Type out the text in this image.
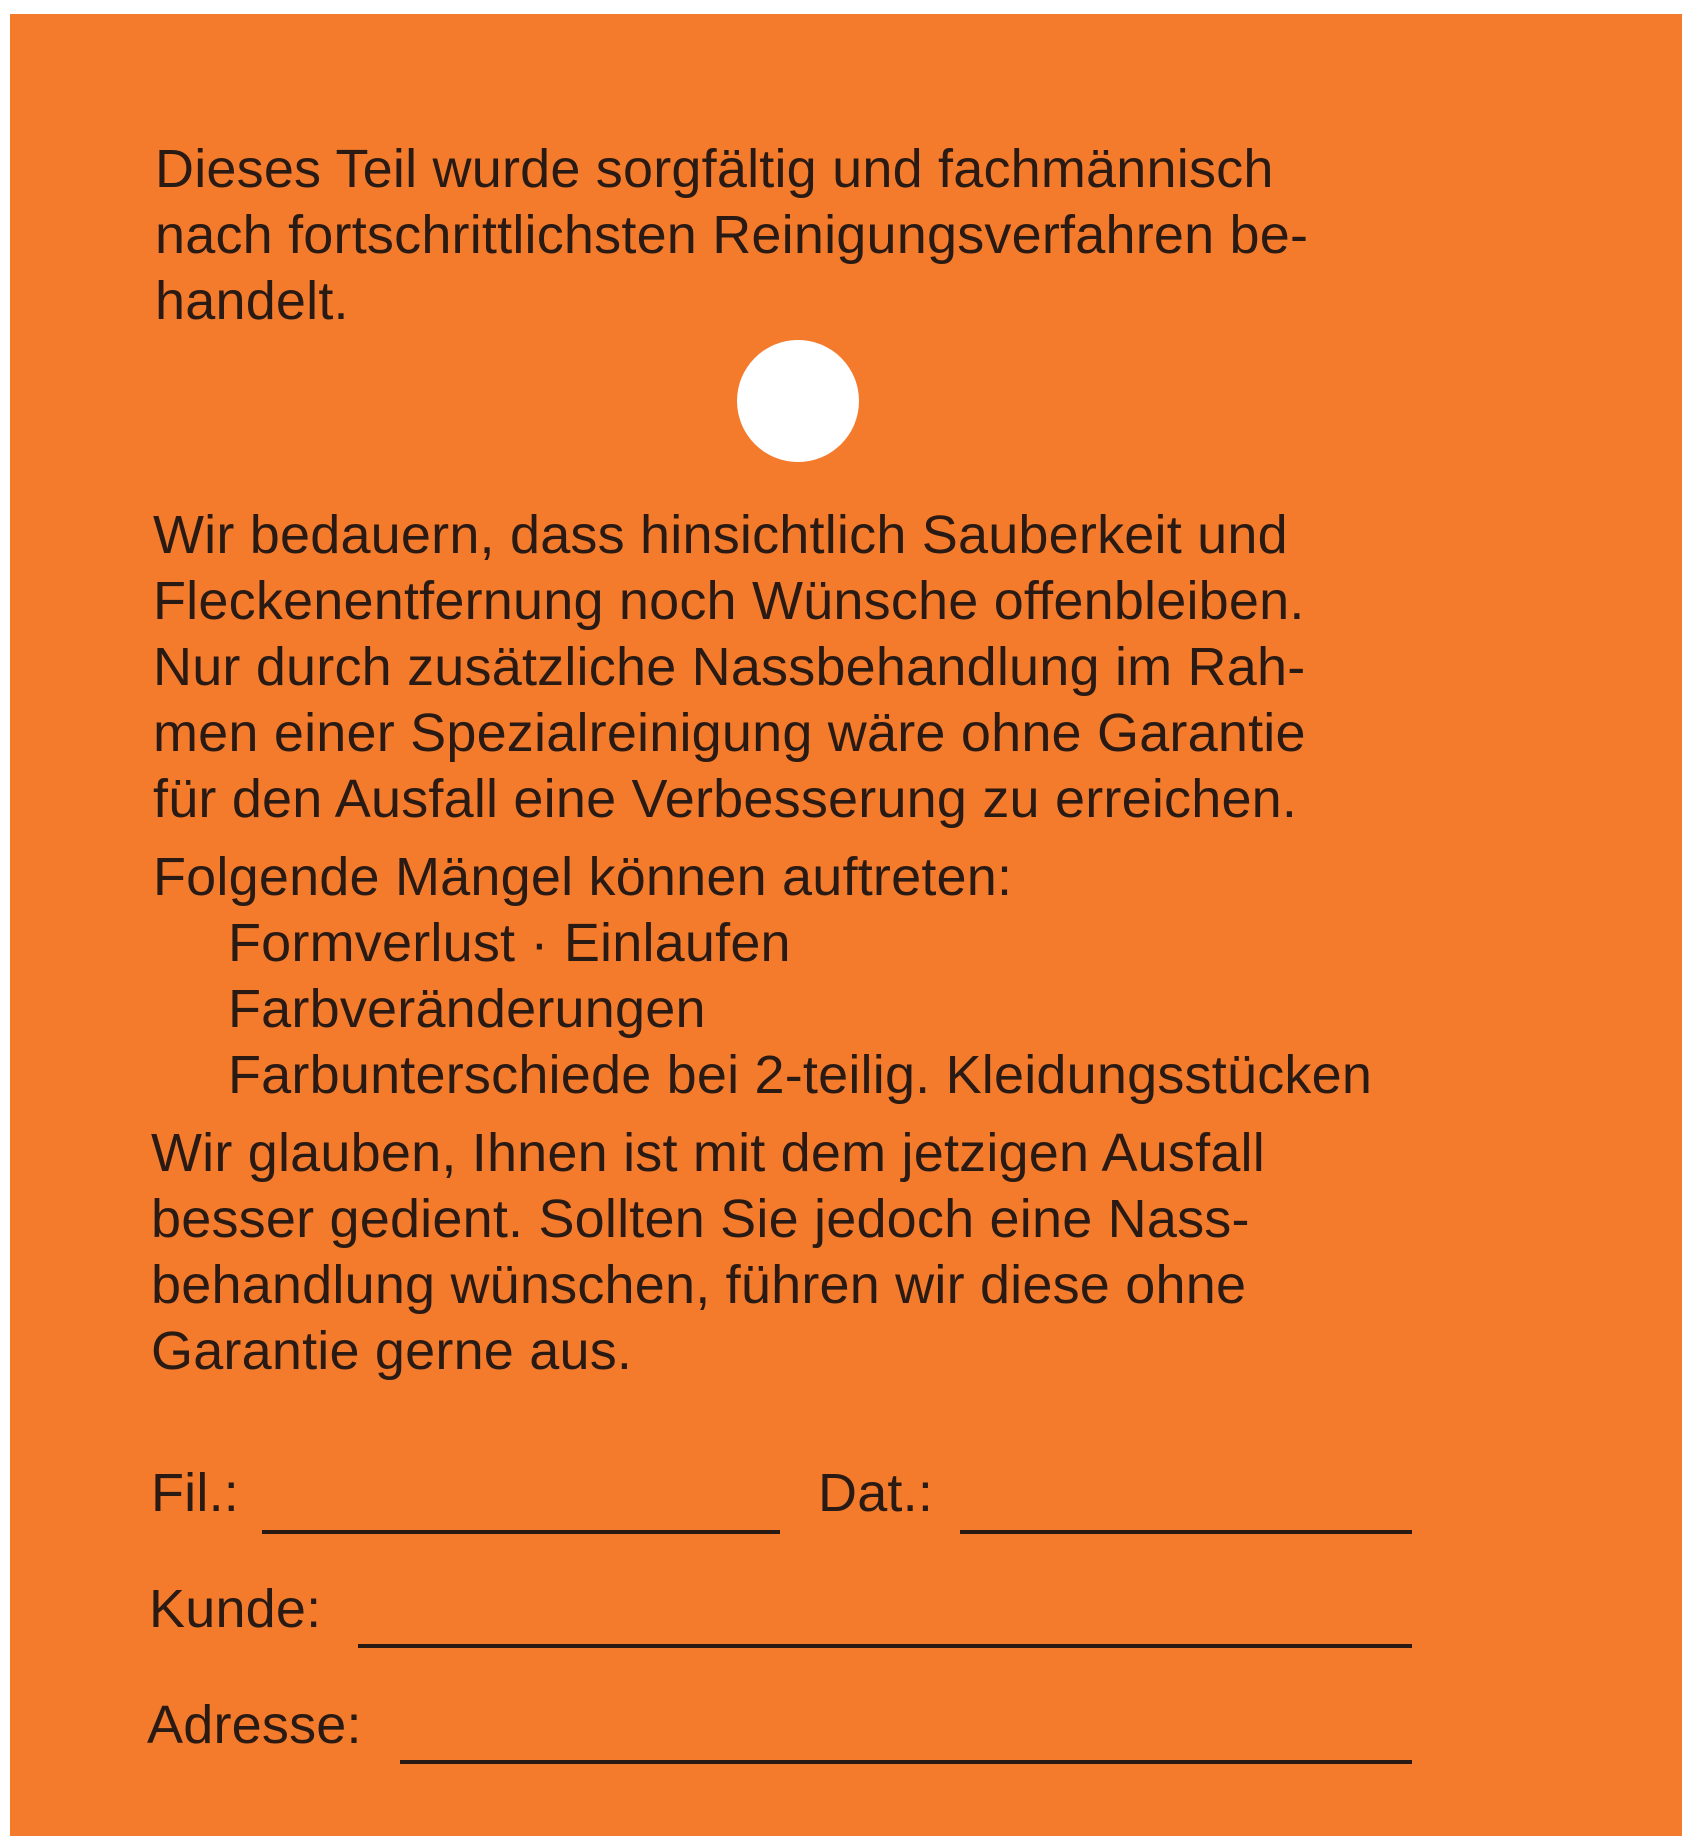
Dieses Teil wurde sorgfältig und fachmännisch
nach fortschrittlichsten Reinigungsverfahren be-
handelt.
Wir bedauern, dass hinsichtlich Sauberkeit und
Fleckenentfernung noch Wünsche offenbleiben.
Nur durch zusätzliche Nassbehandlung im Rah-
men einer Spezialreinigung wäre ohne Garantie
für den Ausfall eine Verbesserung zu erreichen.
Folgende Mängel können auftreten:
Formverlust · Einlaufen
Farbveränderungen
Farbunterschiede bei 2-teilig. Kleidungsstücken
Wir glauben, Ihnen ist mit dem jetzigen Ausfall
besser gedient. Sollten Sie jedoch eine Nass-
behandlung wünschen, führen wir diese ohne
Garantie gerne aus.
Fil.:	Dat.:
Kunde:
Adresse:
